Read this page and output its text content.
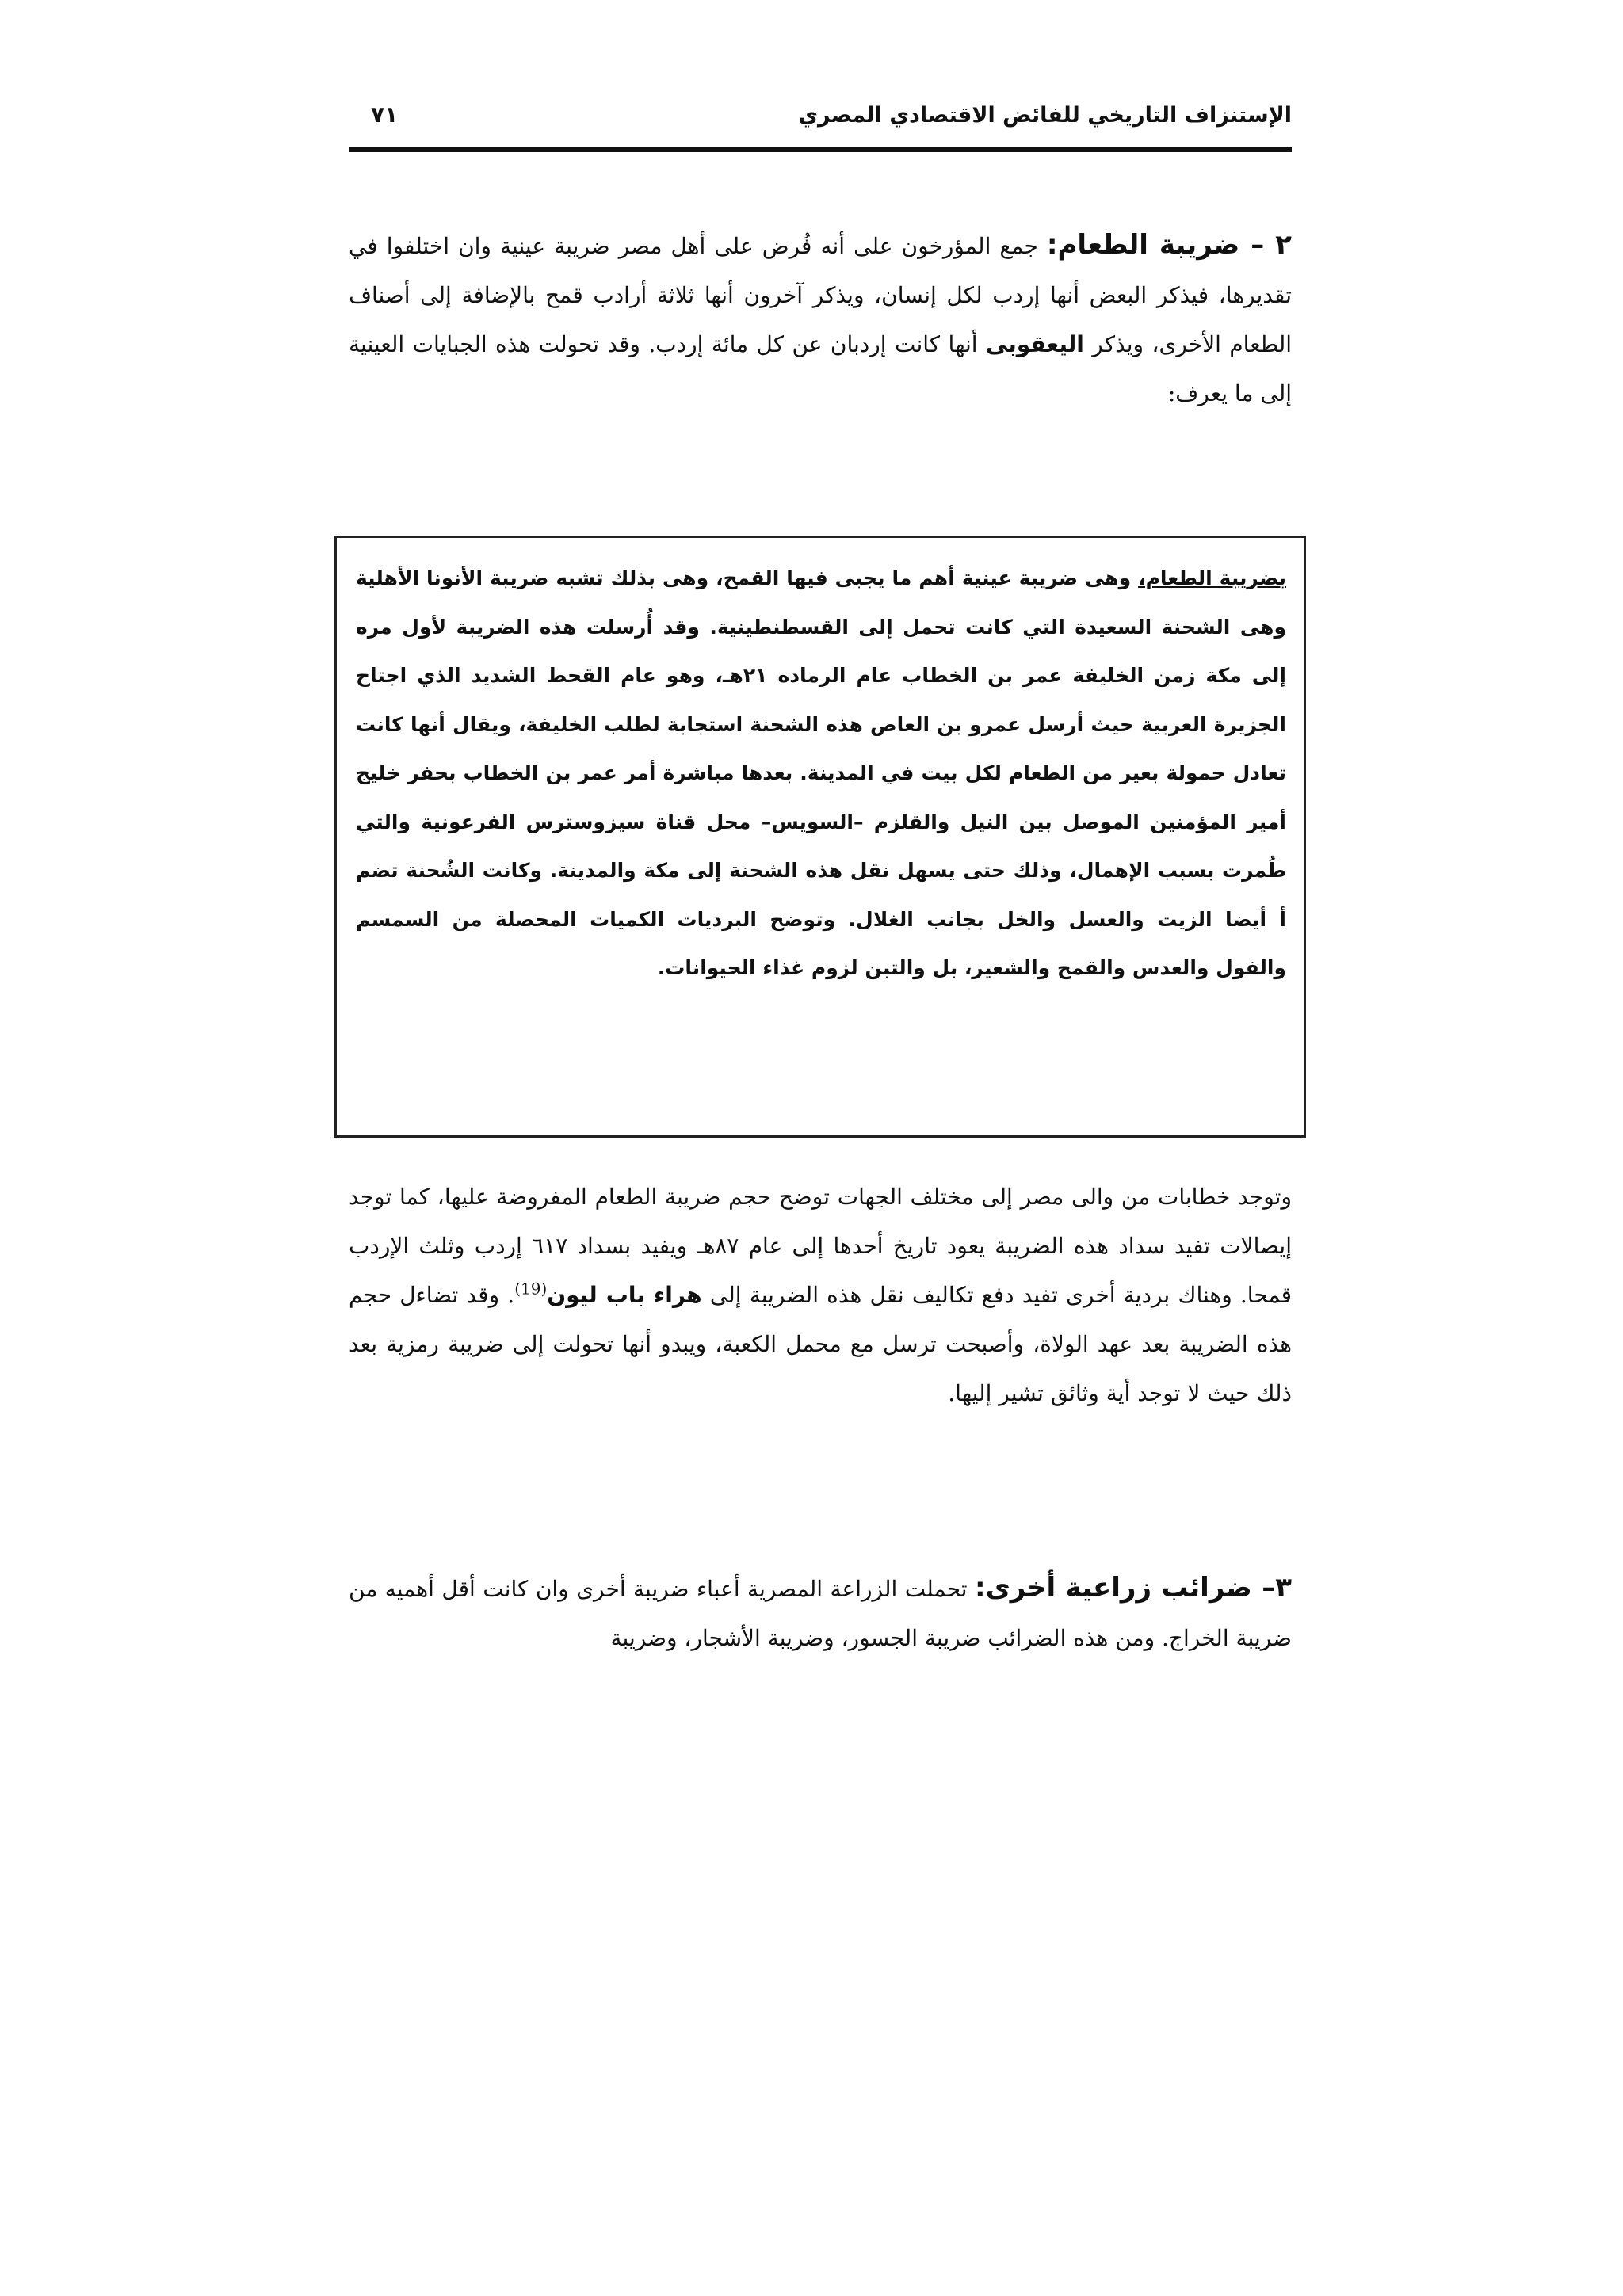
الإستنزاف التاريخي للفائض الاقتصادي المصري
٧١

٢ – ضريبة الطعام: جمع المؤرخون على أنه فُرض على أهل مصر ضريبة عينية وان اختلفوا في تقديرها، فيذكر البعض أنها إردب لكل إنسان، ويذكر آخرون أنها ثلاثة أرادب قمح بالإضافة إلى أصناف الطعام الأخرى، ويذكر اليعقوبى أنها كانت إردبان عن كل مائة إردب. وقد تحولت هذه الجبايات العينية إلى ما يعرف:

بضريبة الطعام، وهى ضريبة عينية أهم ما يجبى فيها القمح، وهى بذلك تشبه ضريبة الأنونا الأهلية وهى الشحنة السعيدة التي كانت تحمل إلى القسطنطينية. وقد أُرسلت هذه الضريبة لأول مره إلى مكة زمن الخليفة عمر بن الخطاب عام الرماده ٢١هـ، وهو عام القحط الشديد الذي اجتاح الجزيرة العربية حيث أرسل عمرو بن العاص هذه الشحنة استجابة لطلب الخليفة، ويقال أنها كانت تعادل حمولة بعير من الطعام لكل بيت في المدينة. بعدها مباشرة أمر عمر بن الخطاب بحفر خليج أمير المؤمنين الموصل بين النيل والقلزم –السويس– محل قناة سيزوسترس الفرعونية والتي طُمرت بسبب الإهمال، وذلك حتى يسهل نقل هذه الشحنة إلى مكة والمدينة. وكانت الشُحنة تضم أ أيضا الزيت والعسل والخل بجانب الغلال. وتوضح البرديات الكميات المحصلة من السمسم والفول والعدس والقمح والشعير، بل والتبن لزوم غذاء الحيوانات.

وتوجد خطابات من والى مصر إلى مختلف الجهات توضح حجم ضريبة الطعام المفروضة عليها، كما توجد إيصالات تفيد سداد هذه الضريبة يعود تاريخ أحدها إلى عام ٨٧هـ ويفيد بسداد ٦١٧ إردب وثلث الإردب قمحا. وهناك بردية أخرى تفيد دفع تكاليف نقل هذه الضريبة إلى هراء باب ليون$^{(19)}$. وقد تضاءل حجم هذه الضريبة بعد عهد الولاة، وأصبحت ترسل مع محمل الكعبة، ويبدو أنها تحولت إلى ضريبة رمزية بعد ذلك حيث لا توجد أية وثائق تشير إليها.

٣– ضرائب زراعية أخرى: تحملت الزراعة المصرية أعباء ضريبة أخرى وان كانت أقل أهميه من ضريبة الخراج. ومن هذه الضرائب ضريبة الجسور، وضريبة الأشجار، وضريبة
